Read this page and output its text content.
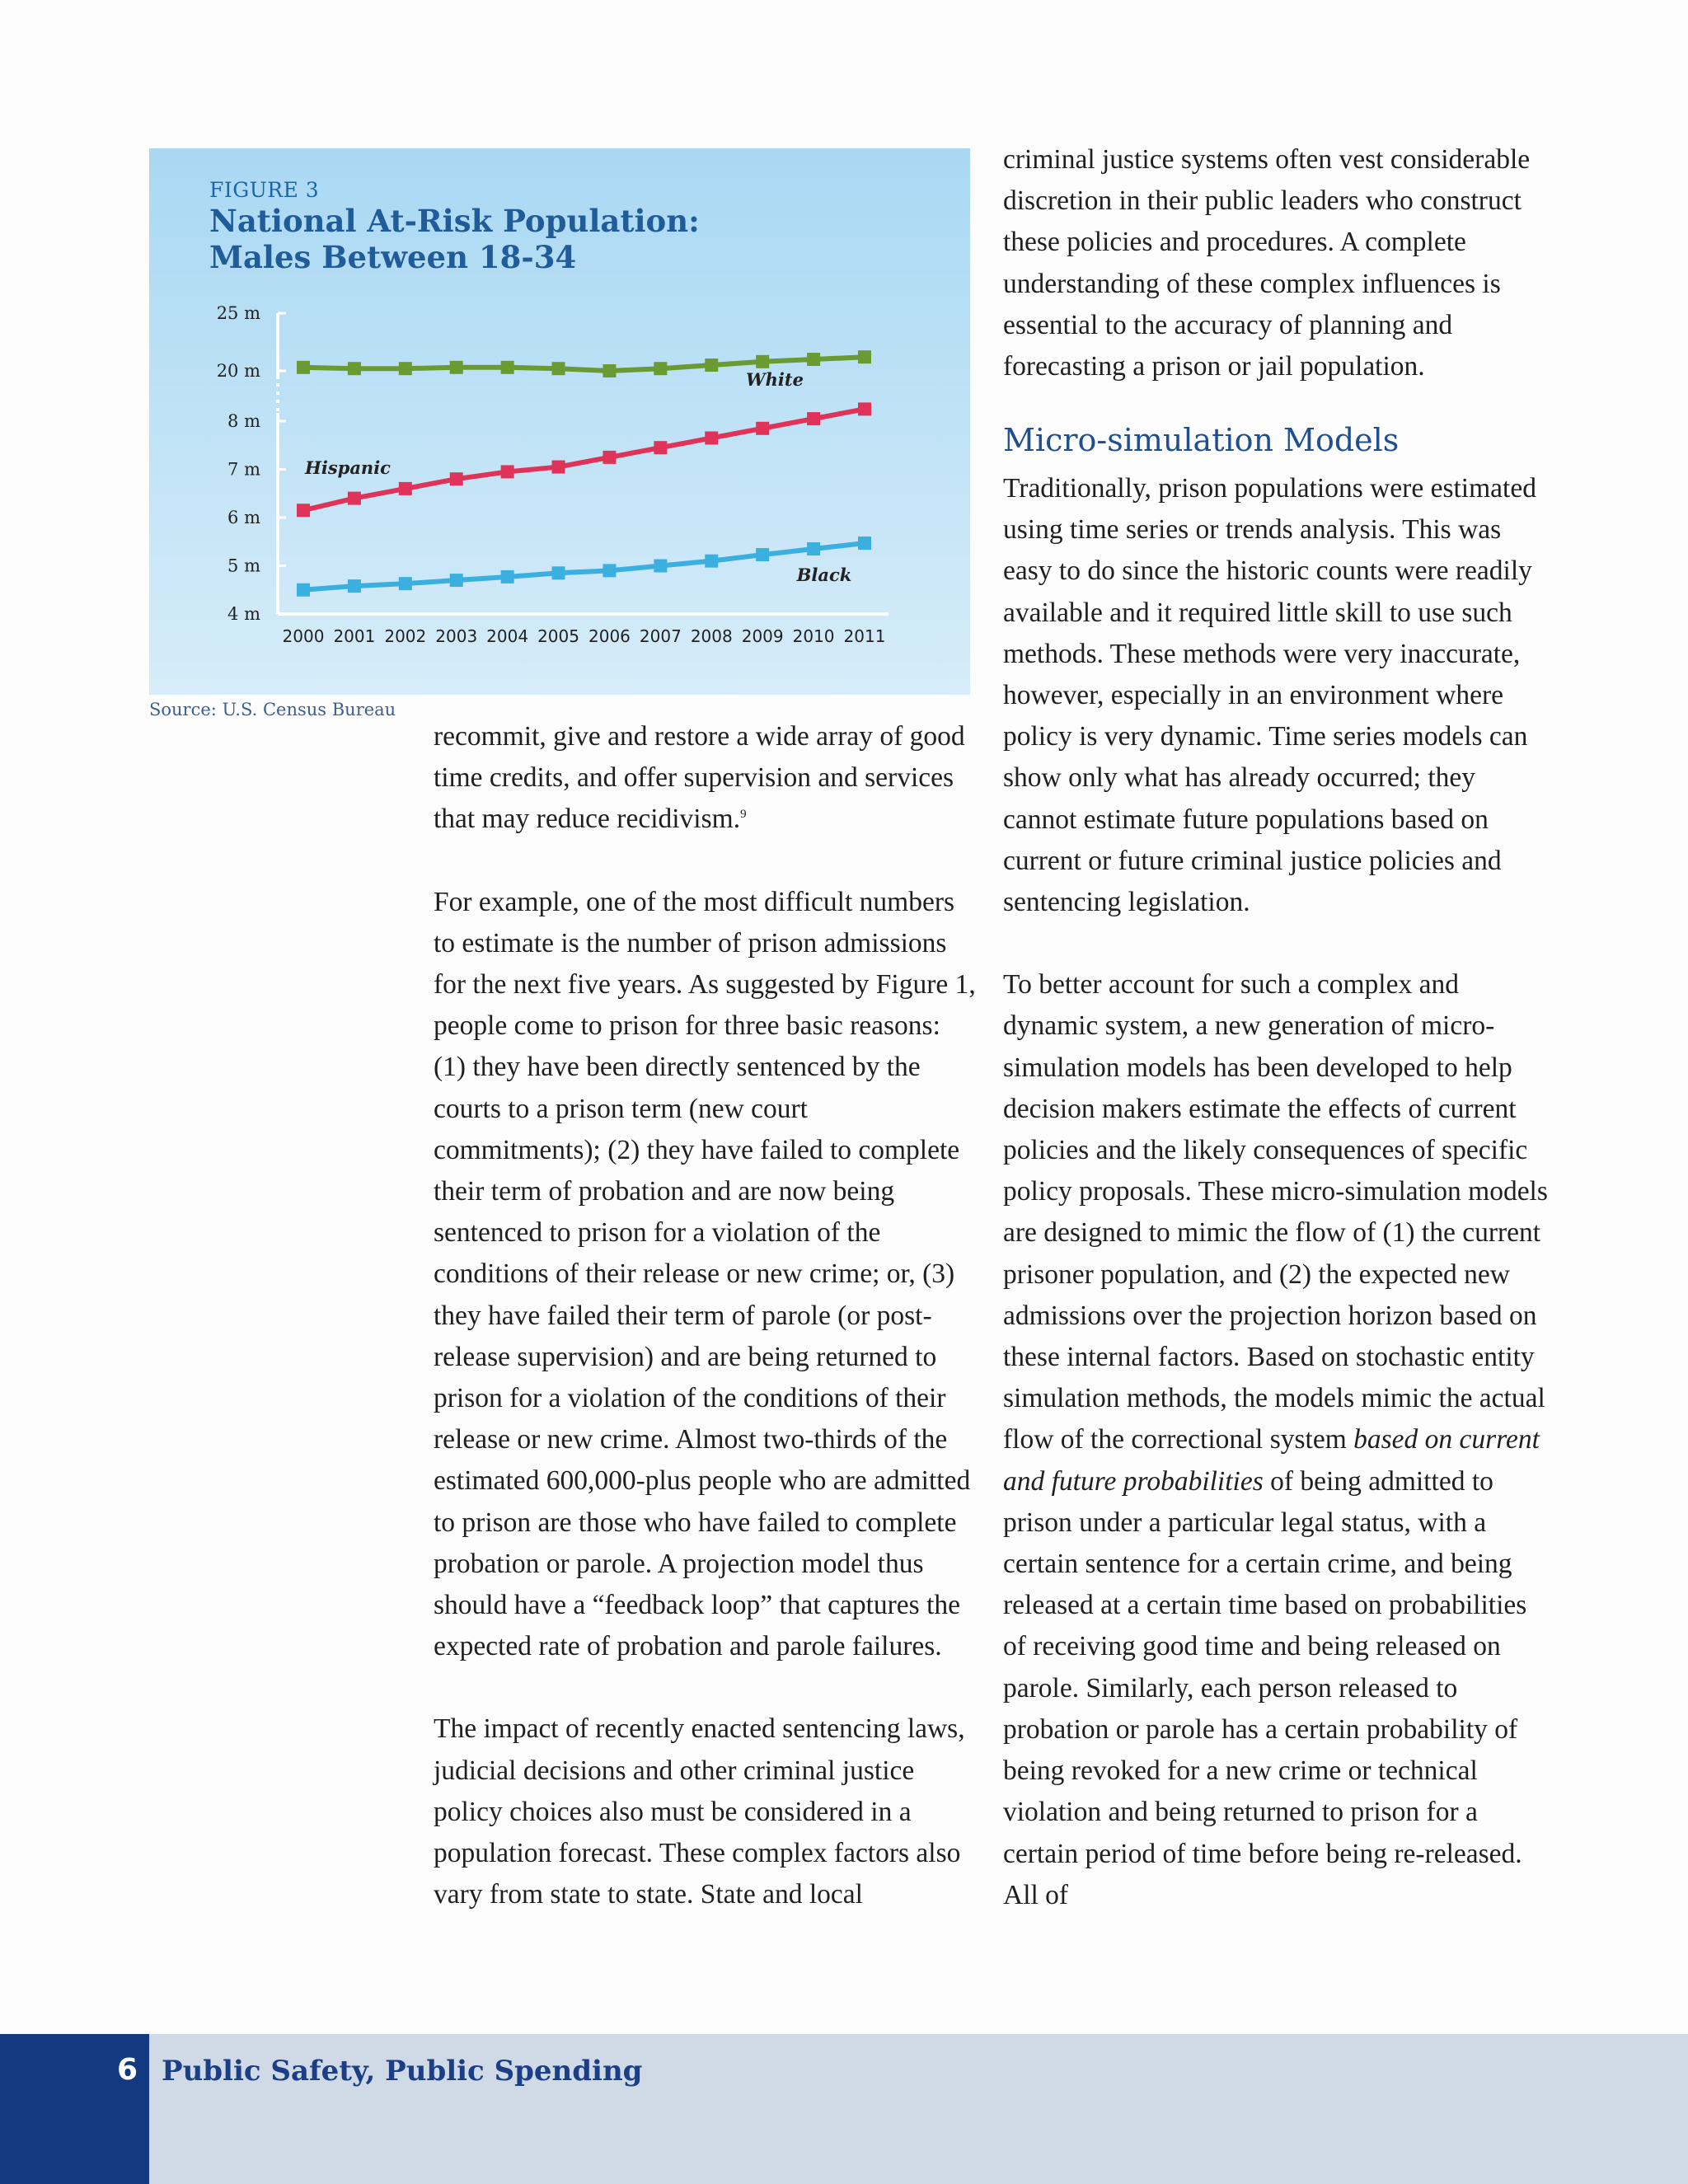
FIGURE 3
National At-Risk Population:
Males Between 18-34
4 m
5 m
6 m
7 m
8 m
20 m
25 m
2000 2001 2002 2003 2004 2005 2006 2007 2008 2009 2010 2011
White
Hispanic
Black
Source: U.S. Census Bureau

recommit, give and restore a wide array of good time credits, and offer supervision and services that may reduce recidivism.$^9$

For example, one of the most difficult numbers to estimate is the number of prison admissions for the next five years. As suggested by Figure 1, people come to prison for three basic reasons: (1) they have been directly sentenced by the courts to a prison term (new court commitments); (2) they have failed to complete their term of probation and are now being sentenced to prison for a violation of the conditions of their release or new crime; or, (3) they have failed their term of parole (or post-release supervision) and are being returned to prison for a violation of the conditions of their release or new crime. Almost two-thirds of the estimated 600,000-plus people who are admitted to prison are those who have failed to complete probation or parole. A projection model thus should have a “feedback loop” that captures the expected rate of probation and parole failures.

The impact of recently enacted sentencing laws, judicial decisions and other criminal justice policy choices also must be considered in a population forecast. These complex factors also vary from state to state. State and local

criminal justice systems often vest considerable discretion in their public leaders who construct these policies and procedures. A complete understanding of these complex influences is essential to the accuracy of planning and forecasting a prison or jail population.

Micro-simulation Models

Traditionally, prison populations were estimated using time series or trends analysis. This was easy to do since the historic counts were readily available and it required little skill to use such methods. These methods were very inaccurate, however, especially in an environment where policy is very dynamic. Time series models can show only what has already occurred; they cannot estimate future populations based on current or future criminal justice policies and sentencing legislation.

To better account for such a complex and dynamic system, a new generation of micro-simulation models has been developed to help decision makers estimate the effects of current policies and the likely consequences of specific policy proposals. These micro-simulation models are designed to mimic the flow of (1) the current prisoner population, and (2) the expected new admissions over the projection horizon based on these internal factors. Based on stochastic entity simulation methods, the models mimic the actual flow of the correctional system based on current and future probabilities of being admitted to prison under a particular legal status, with a certain sentence for a certain crime, and being released at a certain time based on probabilities of receiving good time and being released on parole. Similarly, each person released to probation or parole has a certain probability of being revoked for a new crime or technical violation and being returned to prison for a certain period of time before being re-released. All of

6 Public Safety, Public Spending
